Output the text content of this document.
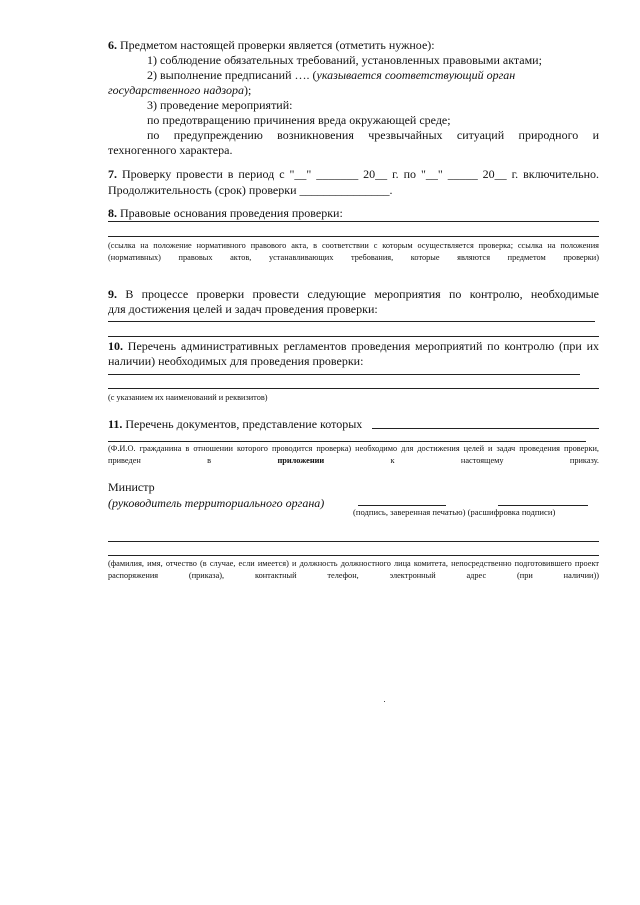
6. Предметом настоящей проверки является (отметить нужное):
1) соблюдение обязательных требований, установленных правовыми актами;
2) выполнение предписаний …. (указывается соответствующий орган
государственного надзора);
3) проведение мероприятий:
по предотвращению причинения вреда окружающей среде;
по предупреждению возникновения чрезвычайных ситуаций природного и
техногенного характера.
7. Проверку провести в период с "__" _______ 20__ г. по "__" _____ 20__ г. включительно.
Продолжительность (срок) проверки _______________.
8. Правовые основания проведения проверки:
(ссылка на положение нормативного правового акта, в соответствии с которым осуществляется проверка; ссылка на положения (нормативных) правовых актов, устанавливающих требования, которые являются предметом проверки)
9. В процессе проверки провести следующие мероприятия по контролю, необходимые
для достижения целей и задач проведения проверки:
10. Перечень административных регламентов проведения мероприятий по контролю (при их
наличии) необходимых для проведения проверки:
(с указанием их наименований и реквизитов)
11. Перечень документов, представление которых
(Ф.И.О. гражданина в отношении которого проводится проверка) необходимо для достижения целей и задач проведения проверки, приведен в приложении к настоящему приказу.
Министр
(руководитель территориального органа)
(подпись, заверенная печатью) (расшифровка подписи)
(фамилия, имя, отчество (в случае, если имеется) и должность должностного лица комитета, непосредственно подготовившего проект распоряжения (приказа), контактный телефон, электронный адрес (при наличии))
